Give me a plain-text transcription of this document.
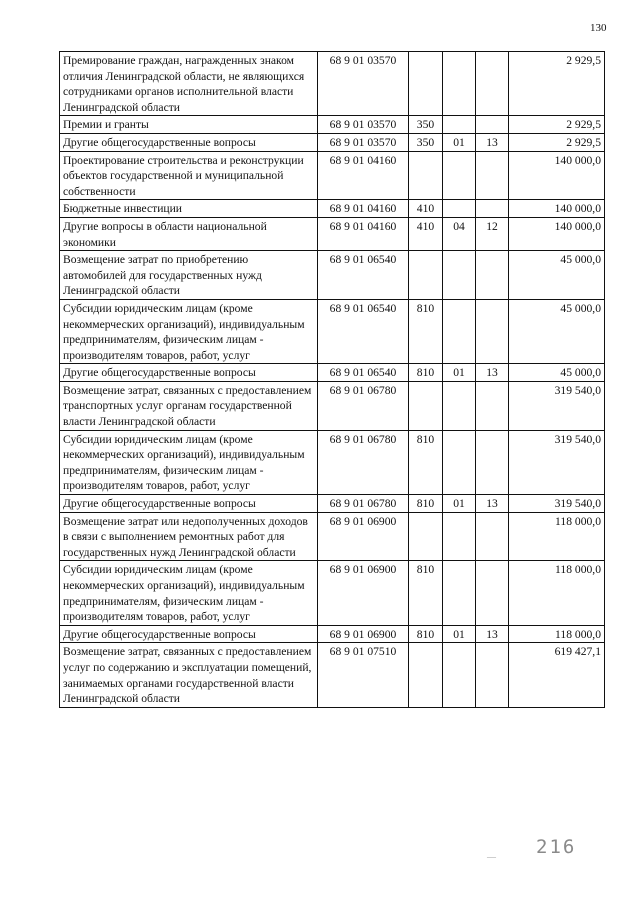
130
Премирование граждан, награжденных знаком отличия Ленинградской области, не являющихся сотрудниками органов исполнительной власти Ленинградской области	68 9 01 03570				2 929,5
Премии и гранты	68 9 01 03570	350			2 929,5
Другие общегосударственные вопросы	68 9 01 03570	350	01	13	2 929,5
Проектирование строительства и реконструкции объектов государственной и муниципальной собственности	68 9 01 04160				140 000,0
Бюджетные инвестиции	68 9 01 04160	410			140 000,0
Другие вопросы в области национальной экономики	68 9 01 04160	410	04	12	140 000,0
Возмещение затрат по приобретению автомобилей для государственных нужд Ленинградской области	68 9 01 06540				45 000,0
Субсидии юридическим лицам (кроме некоммерческих организаций), индивидуальным предпринимателям, физическим лицам - производителям товаров, работ, услуг	68 9 01 06540	810			45 000,0
Другие общегосударственные вопросы	68 9 01 06540	810	01	13	45 000,0
Возмещение затрат, связанных с предоставлением транспортных услуг органам государственной власти Ленинградской области	68 9 01 06780				319 540,0
Субсидии юридическим лицам (кроме некоммерческих организаций), индивидуальным предпринимателям, физическим лицам - производителям товаров, работ, услуг	68 9 01 06780	810			319 540,0
Другие общегосударственные вопросы	68 9 01 06780	810	01	13	319 540,0
Возмещение затрат или недополученных доходов в связи с выполнением ремонтных работ для государственных нужд Ленинградской области	68 9 01 06900				118 000,0
Субсидии юридическим лицам (кроме некоммерческих организаций), индивидуальным предпринимателям, физическим лицам - производителям товаров, работ, услуг	68 9 01 06900	810			118 000,0
Другие общегосударственные вопросы	68 9 01 06900	810	01	13	118 000,0
Возмещение затрат, связанных с предоставлением услуг по содержанию и эксплуатации помещений, занимаемых органами государственной власти Ленинградской области	68 9 01 07510				619 427,1
— 216
